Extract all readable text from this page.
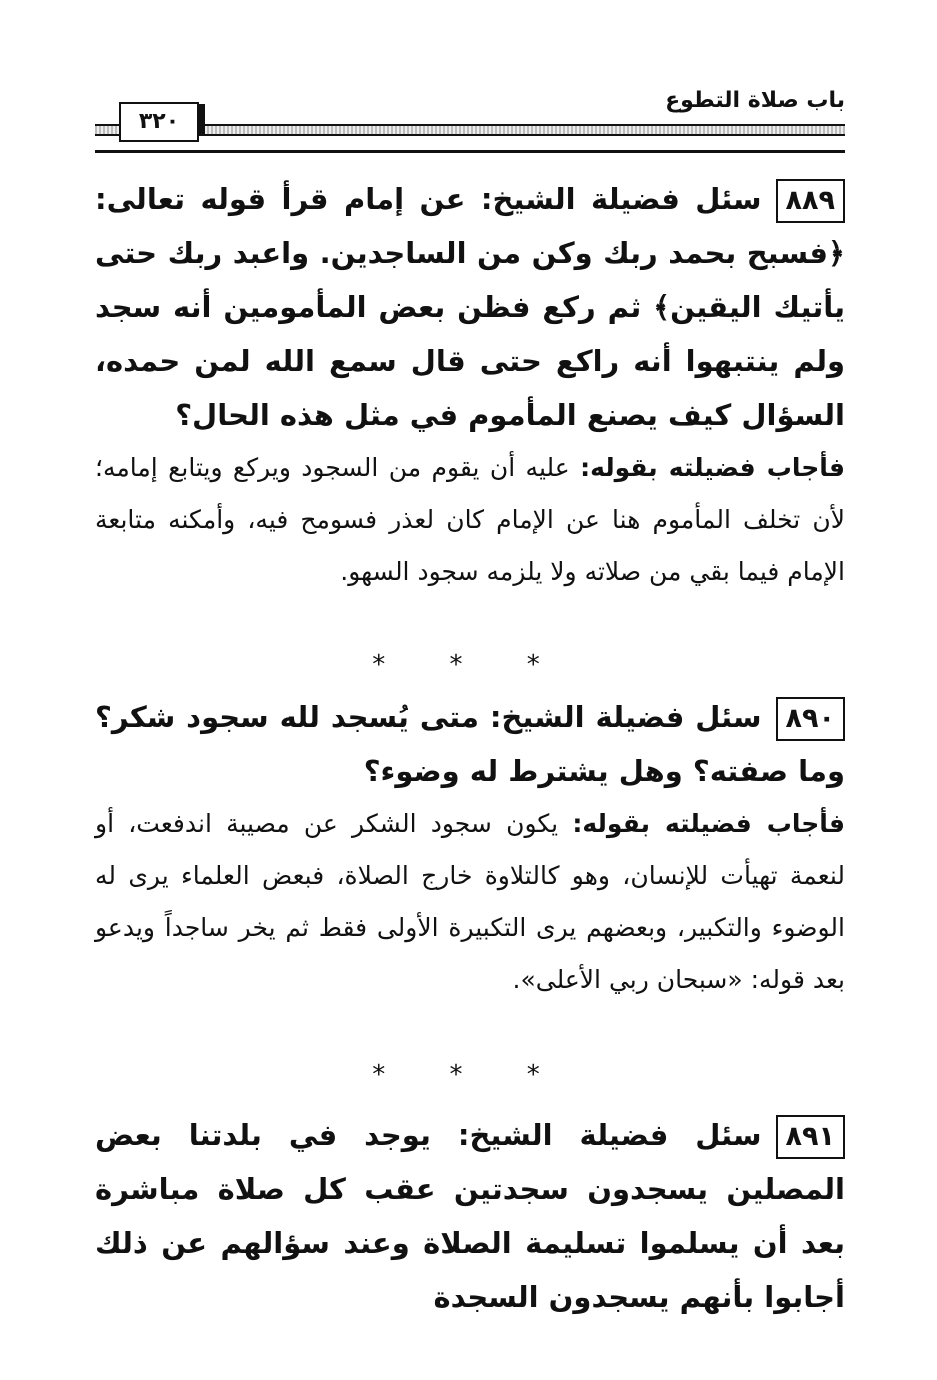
باب صلاة التطوع
٣٢٠
٨٨٩سئل فضيلة الشيخ: عن إمام قرأ قوله تعالى: ﴿فسبح بحمد ربك وكن من الساجدين. واعبد ربك حتى يأتيك اليقين﴾ ثم ركع فظن بعض المأمومين أنه سجد ولم ينتبهوا أنه راكع حتى قال سمع الله لمن حمده، السؤال كيف يصنع المأموم في مثل هذه الحال؟
فأجاب فضيلته بقوله: عليه أن يقوم من السجود ويركع ويتابع إمامه؛ لأن تخلف المأموم هنا عن الإمام كان لعذر فسومح فيه، وأمكنه متابعة الإمام فيما بقي من صلاته ولا يلزمه سجود السهو.
* * *
٨٩٠سئل فضيلة الشيخ: متى يُسجد لله سجود شكر؟ وما صفته؟ وهل يشترط له وضوء؟
فأجاب فضيلته بقوله: يكون سجود الشكر عن مصيبة اندفعت، أو لنعمة تهيأت للإنسان، وهو كالتلاوة خارج الصلاة، فبعض العلماء يرى له الوضوء والتكبير، وبعضهم يرى التكبيرة الأولى فقط ثم يخر ساجداً ويدعو بعد قوله: «سبحان ربي الأعلى».
* * *
٨٩١سئل فضيلة الشيخ: يوجد في بلدتنا بعض المصلين يسجدون سجدتين عقب كل صلاة مباشرة بعد أن يسلموا تسليمة الصلاة وعند سؤالهم عن ذلك أجابوا بأنهم يسجدون السجدة
